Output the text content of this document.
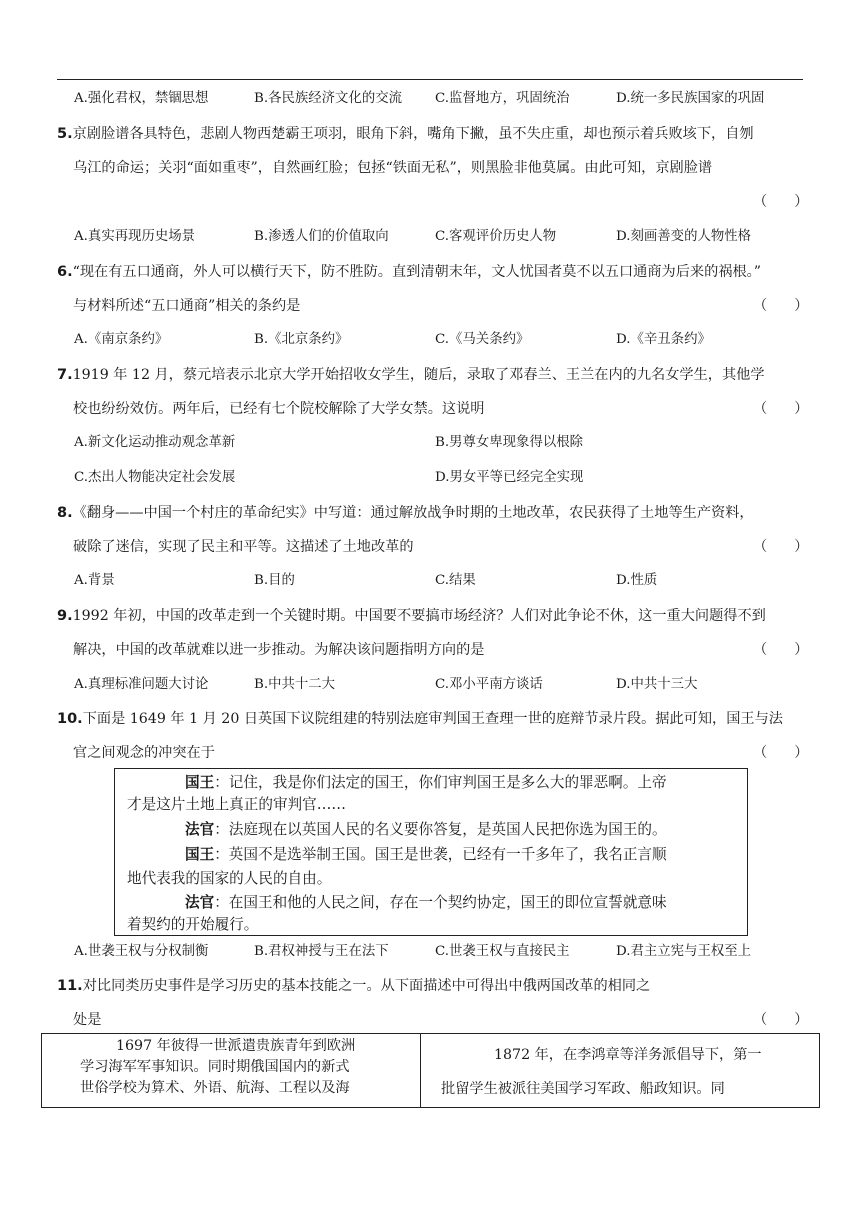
A.强化君权，禁锢思想	B.各民族经济文化的交流 C.监督地方，巩固统治	D.统一多民族国家的巩固
5.京剧脸谱各具特色，悲剧人物西楚霸王项羽，眼角下斜，嘴角下撇，虽不失庄重，却也预示着兵败垓下，自刎
乌江的命运；关羽“面如重枣”，自然画红脸；包拯“铁面无私”，则黑脸非他莫属。由此可知，京剧脸谱
（      ）
A.真实再现历史场景	B.渗透人们的价值取向	C.客观评价历史人物	D.刻画善变的人物性格
6.“现在有五口通商，外人可以横行天下，防不胜防。直到清朝末年，文人忧国者莫不以五口通商为后来的祸根。”
与材料所述“五口通商”相关的条约是	（      ）
A.《南京条约》	B.《北京条约》	C.《马关条约》	D.《辛丑条约》
7.1919 年 12 月，蔡元培表示北京大学开始招收女学生，随后，录取了邓春兰、王兰在内的九名女学生，其他学
校也纷纷效仿。两年后，已经有七个院校解除了大学女禁。这说明	（      ）
A.新文化运动推动观念革新	B.男尊女卑现象得以根除
C.杰出人物能决定社会发展	D.男女平等已经完全实现
8.《翻身——中国一个村庄的革命纪实》中写道：通过解放战争时期的土地改革，农民获得了土地等生产资料，
破除了迷信，实现了民主和平等。这描述了土地改革的	（      ）
A.背景	B.目的	C.结果	D.性质
9.1992 年初，中国的改革走到一个关键时期。中国要不要搞市场经济？人们对此争论不休，这一重大问题得不到
解决，中国的改革就难以进一步推动。为解决该问题指明方向的是	（      ）
A.真理标准问题大讨论	B.中共十二大	C.邓小平南方谈话	D.中共十三大
10.下面是 1649 年 1 月 20 日英国下议院组建的特别法庭审判国王查理一世的庭辩节录片段。据此可知，国王与法
官之间观念的冲突在于	（      ）
国王：记住，我是你们法定的国王，你们审判国王是多么大的罪恶啊。上帝
才是这片土地上真正的审判官……
法官：法庭现在以英国人民的名义要你答复，是英国人民把你选为国王的。
国王：英国不是选举制王国。国王是世袭，已经有一千多年了，我名正言顺
地代表我的国家的人民的自由。
法官：在国王和他的人民之间，存在一个契约协定，国王的即位宣誓就意味
着契约的开始履行。
A.世袭王权与分权制衡	B.君权神授与王在法下	C.世袭王权与直接民主	D.君主立宪与王权至上
11.对比同类历史事件是学习历史的基本技能之一。从下面描述中可得出中俄两国改革的相同之
处是	（      ）
1697 年彼得一世派遣贵族青年到欧洲
学习海军军事知识。同时期俄国国内的新式
世俗学校为算术、外语、航海、工程以及海
1872 年，在李鸿章等洋务派倡导下，第一
批留学生被派往美国学习军政、船政知识。同
